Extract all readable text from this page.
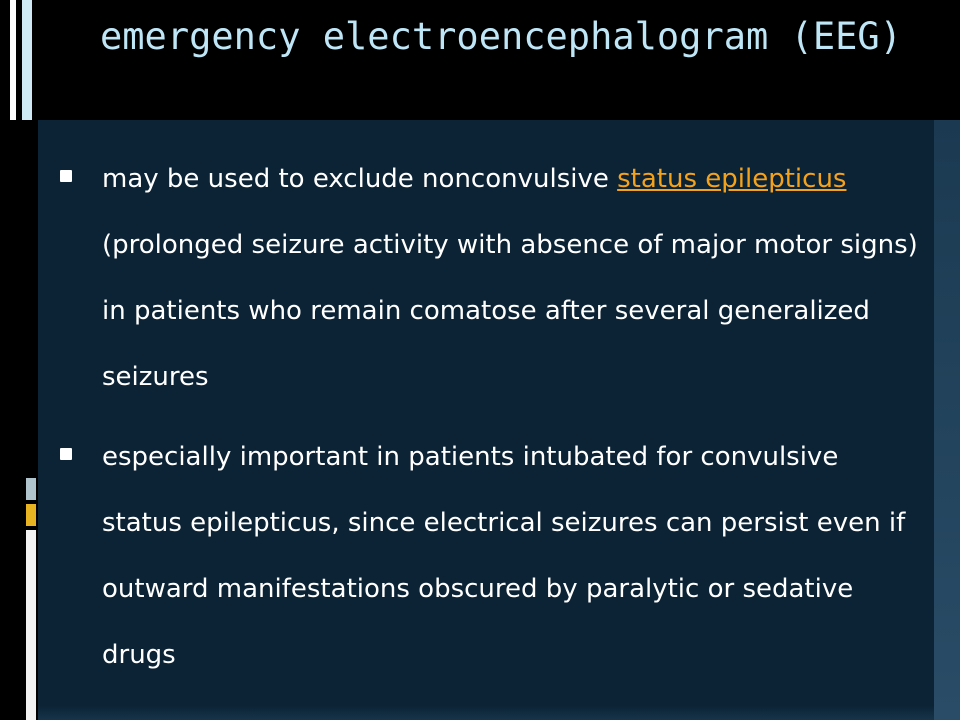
emergency electroencephalogram (EEG)
may be used to exclude nonconvulsive status epilepticus (prolonged seizure activity with absence of major motor signs) in patients who remain comatose after several generalized seizures
especially important in patients intubated for convulsive status epilepticus, since electrical seizures can persist even if outward manifestations obscured by paralytic or sedative drugs
